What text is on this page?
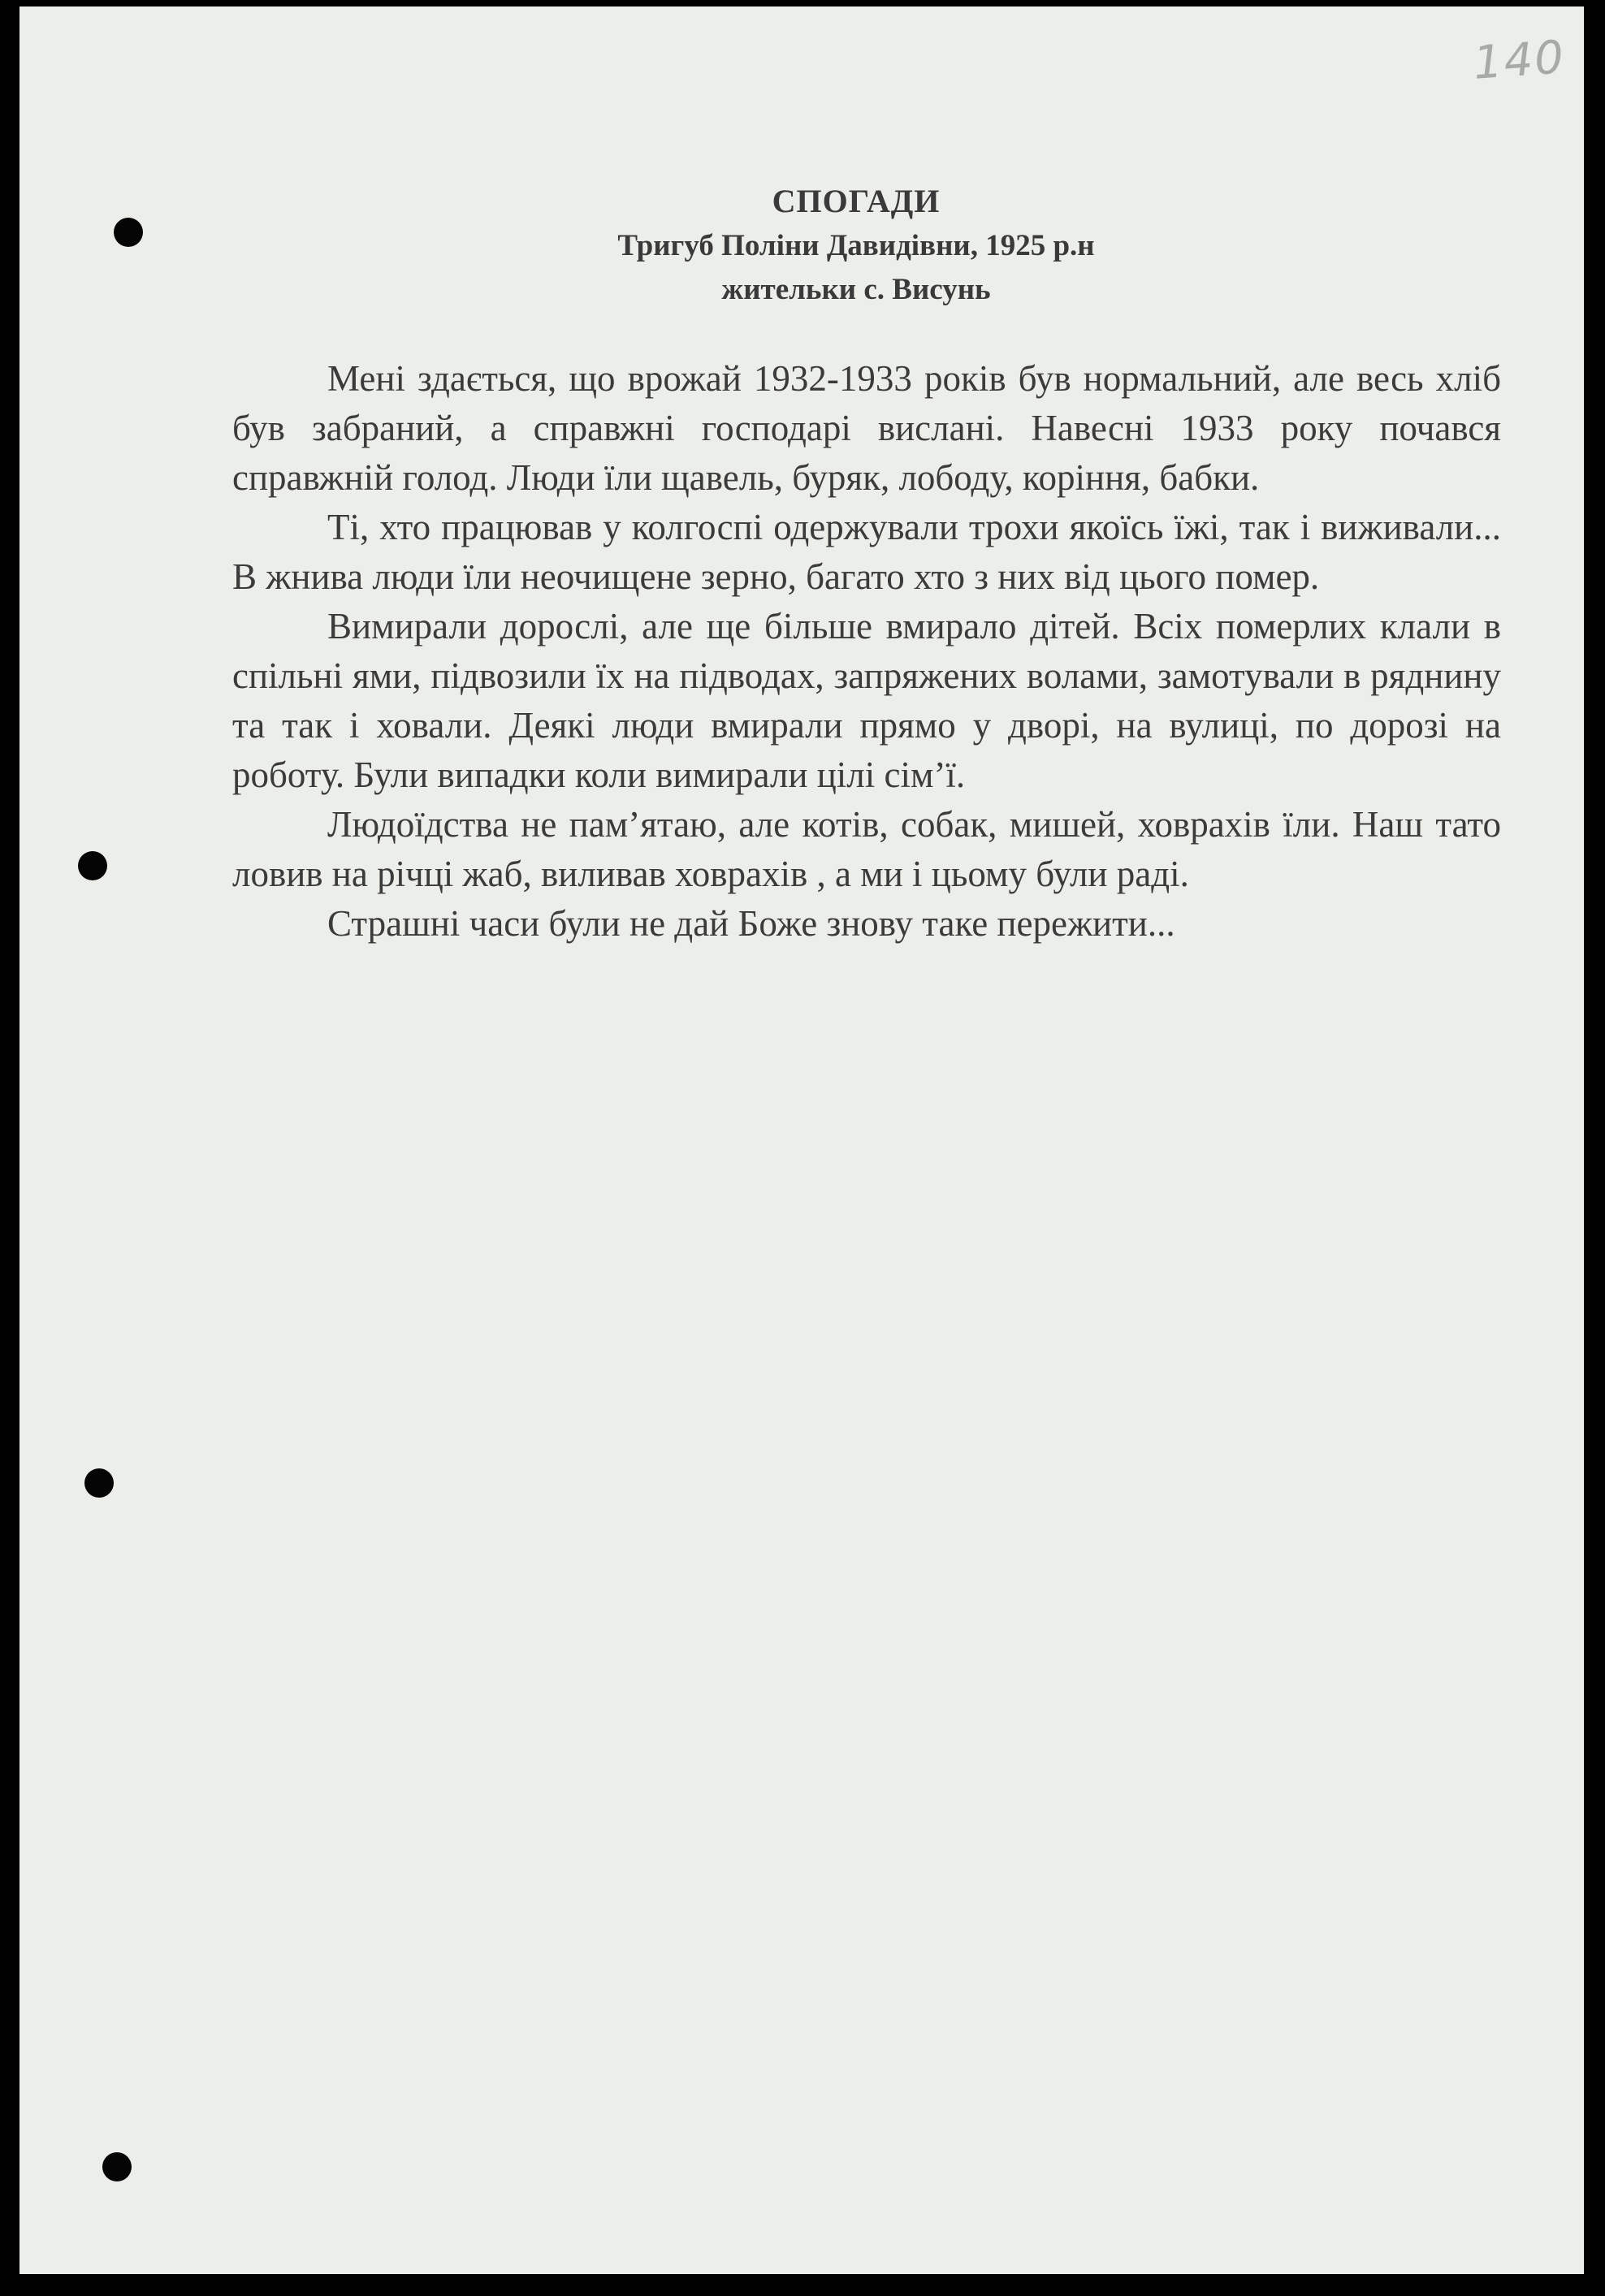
140
СПОГАДИ
Тригуб Поліни Давидівни, 1925 р.н
жительки с. Висунь

Мені здається, що врожай 1932-1933 років був нормальний, але весь хліб був забраний, а справжні господарі вислані. Навесні 1933 року почався справжній голод. Люди їли щавель, буряк, лободу, коріння, бабки.

Ті, хто працював у колгоспі одержували трохи якоїсь їжі, так і виживали... В жнива люди їли неочищене зерно, багато хто з них від цього помер.

Вимирали дорослі, але ще більше вмирало дітей. Всіх померлих клали в спільні ями, підвозили їх на підводах, запряжених волами, замотували в ряднину та так і ховали. Деякі люди вмирали прямо у дворі, на вулиці, по дорозі на роботу. Були випадки коли вимирали цілі сім’ї.

Людоїдства не пам’ятаю, але котів, собак, мишей, ховрахів їли. Наш тато ловив на річці жаб, виливав ховрахів , а ми і цьому були раді.

Страшні часи були не дай Боже знову таке пережити...
